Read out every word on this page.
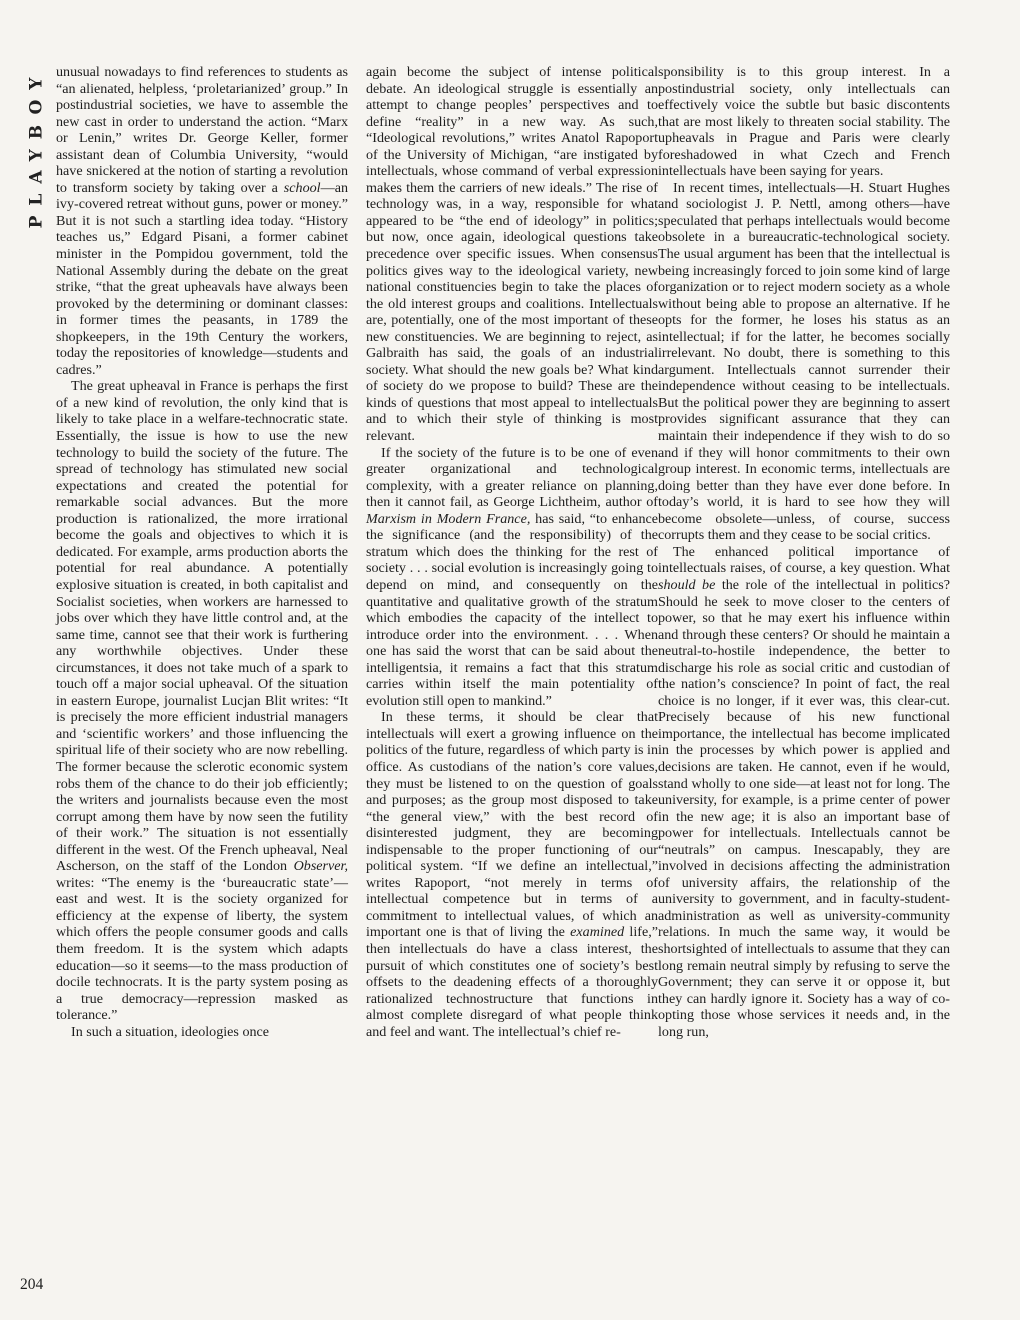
PLAYBOY unusual nowadays to find references to students as “an alienated, helpless, ‘proletarianized’ group.” In postindustrial societies, we have to assemble the new cast in order to understand the action. “Marx or Lenin,” writes Dr. George Keller, former assistant dean of Columbia University, “would have snickered at the notion of starting a revolution to transform society by taking over a school—an ivy-covered retreat without guns, power or money.” But it is not such a startling idea today. “History teaches us,” Edgard Pisani, a former cabinet minister in the Pompidou government, told the National Assembly during the debate on the great strike, “that the great upheavals have always been provoked by the determining or dominant classes: in former times the peasants, in 1789 the shopkeepers, in the 19th Century the workers, today the repositories of knowledge—students and cadres.”

The great upheaval in France is perhaps the first of a new kind of revolution, the only kind that is likely to take place in a welfare-technocratic state. Essentially, the issue is how to use the new technology to build the society of the future. The spread of technology has stimulated new social expectations and created the potential for remarkable social advances. But the more production is rationalized, the more irrational become the goals and objectives to which it is dedicated. For example, arms production aborts the potential for real abundance. A potentially explosive situation is created, in both capitalist and Socialist societies, when workers are harnessed to jobs over which they have little control and, at the same time, cannot see that their work is furthering any worthwhile objectives. Under these circumstances, it does not take much of a spark to touch off a major social upheaval. Of the situation in eastern Europe, journalist Lucjan Blit writes: “It is precisely the more efficient industrial managers and ‘scientific workers’ and those influencing the spiritual life of their society who are now rebelling. The former because the sclerotic economic system robs them of the chance to do their job efficiently; the writers and journalists because even the most corrupt among them have by now seen the futility of their work.” The situation is not essentially different in the west. Of the French upheaval, Neal Ascherson, on the staff of the London Observer, writes: “The enemy is the ‘bureaucratic state’—east and west. It is the society organized for efficiency at the expense of liberty, the system which offers the people consumer goods and calls them freedom. It is the system which adapts education—so it seems—to the mass production of docile technocrats. It is the party system posing as a true democracy—repression masked as tolerance.”

In such a situation, ideologies once

again become the subject of intense political debate. An ideological struggle is essentially an attempt to change peoples’ perspectives and to define “reality” in a new way. As such, “Ideological revolutions,” writes Anatol Rapoport of the University of Michigan, “are instigated by intellectuals, whose command of verbal expression makes them the carriers of new ideals.” The rise of technology was, in a way, responsible for what appeared to be “the end of ideology” in politics; but now, once again, ideological questions take precedence over specific issues. When consensus politics gives way to the ideological variety, new national constituencies begin to take the places of the old interest groups and coalitions. Intellectuals are, potentially, one of the most important of these new constituencies. We are beginning to reject, as Galbraith has said, the goals of an industrial society. What should the new goals be? What kind of society do we propose to build? These are the kinds of questions that most appeal to intellectuals and to which their style of thinking is most relevant.

If the society of the future is to be one of even greater organizational and technological complexity, with a greater reliance on planning, then it cannot fail, as George Lichtheim, author of Marxism in Modern France, has said, “to enhance the significance (and the responsibility) of the stratum which does the thinking for the rest of society . . . social evolution is increasingly going to depend on mind, and consequently on the quantitative and qualitative growth of the stratum which embodies the capacity of the intellect to introduce order into the environment. . . . When one has said the worst that can be said about the intelligentsia, it remains a fact that this stratum carries within itself the main potentiality of evolution still open to mankind.”

In these terms, it should be clear that intellectuals will exert a growing influence on the politics of the future, regardless of which party is in office. As custodians of the nation’s core values, they must be listened to on the question of goals and purposes; as the group most disposed to take “the general view,” with the best record of disinterested judgment, they are becoming indispensable to the proper functioning of our political system. “If we define an intellectual,” writes Rapoport, “not merely in terms of intellectual competence but in terms of a commitment to intellectual values, of which an important one is that of living the examined life,” then intellectuals do have a class interest, the pursuit of which constitutes one of society’s best offsets to the deadening effects of a thoroughly rationalized technostructure that functions in almost complete disregard of what people think and feel and want. The intellectual’s chief re-

sponsibility is to this group interest. In a postindustrial society, only intellectuals can effectively voice the subtle but basic discontents that are most likely to threaten social stability. The upheavals in Prague and Paris were clearly foreshadowed in what Czech and French intellectuals have been saying for years.

In recent times, intellectuals—H. Stuart Hughes and sociologist J. P. Nettl, among others—have speculated that perhaps intellectuals would become obsolete in a bureaucratic-technological society. The usual argument has been that the intellectual is being increasingly forced to join some kind of large organization or to reject modern society as a whole without being able to propose an alternative. If he opts for the former, he loses his status as an intellectual; if for the latter, he becomes socially irrelevant. No doubt, there is something to this argument. Intellectuals cannot surrender their independence without ceasing to be intellectuals. But the political power they are beginning to assert provides significant assurance that they can maintain their independence if they wish to do so and if they will honor commitments to their own group interest. In economic terms, intellectuals are doing better than they have ever done before. In today’s world, it is hard to see how they will become obsolete—unless, of course, success corrupts them and they cease to be social critics.

The enhanced political importance of intellectuals raises, of course, a key question. What should be the role of the intellectual in politics? Should he seek to move closer to the centers of power, so that he may exert his influence within and through these centers? Or should he maintain a neutral-to-hostile independence, the better to discharge his role as social critic and custodian of the nation’s conscience? In point of fact, the real choice is no longer, if it ever was, this clear-cut. Precisely because of his new functional importance, the intellectual has become implicated in the processes by which power is applied and decisions are taken. He cannot, even if he would, stand wholly to one side—at least not for long. The university, for example, is a prime center of power in the new age; it is also an important base of power for intellectuals. Intellectuals cannot be “neutrals” on campus. Inescapably, they are involved in decisions affecting the administration of university affairs, the relationship of the university to government, and in faculty-student-administration as well as university-community relations. In much the same way, it would be shortsighted of intellectuals to assume that they can long remain neutral simply by refusing to serve the Government; they can serve it or oppose it, but they can hardly ignore it. Society has a way of co-opting those whose services it needs and, in the long run,

204
